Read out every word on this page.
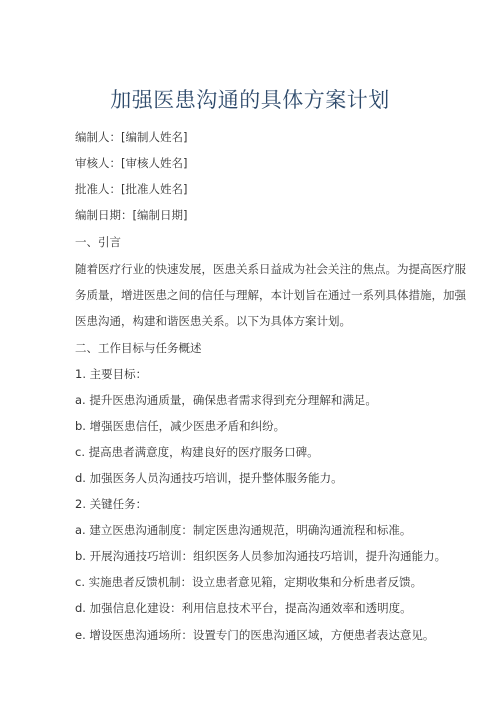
加强医患沟通的具体方案计划
编制人：[编制人姓名]
审核人：[审核人姓名]
批准人：[批准人姓名]
编制日期：[编制日期]
一、引言
随着医疗行业的快速发展，医患关系日益成为社会关注的焦点。为提高医疗服
务质量，增进医患之间的信任与理解，本计划旨在通过一系列具体措施，加强
医患沟通，构建和谐医患关系。以下为具体方案计划。
二、工作目标与任务概述
1. 主要目标：
a. 提升医患沟通质量，确保患者需求得到充分理解和满足。
b. 增强医患信任，减少医患矛盾和纠纷。
c. 提高患者满意度，构建良好的医疗服务口碑。
d. 加强医务人员沟通技巧培训，提升整体服务能力。
2. 关键任务：
a. 建立医患沟通制度：制定医患沟通规范，明确沟通流程和标准。
b. 开展沟通技巧培训：组织医务人员参加沟通技巧培训，提升沟通能力。
c. 实施患者反馈机制：设立患者意见箱，定期收集和分析患者反馈。
d. 加强信息化建设：利用信息技术平台，提高沟通效率和透明度。
e. 增设医患沟通场所：设置专门的医患沟通区域，方便患者表达意见。
